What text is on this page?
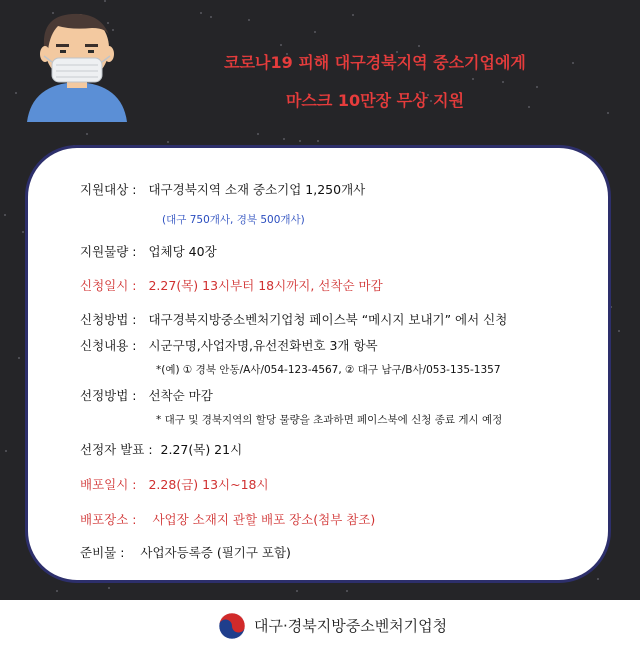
코로나19 피해 대구경북지역 중소기업에게
마스크 10만장 무상 지원
지원대상 : 대구경북지역 소재 중소기업 1,250개사
(대구 750개사, 경북 500개사)
지원물량 : 업체당 40장
신청일시 : 2.27(목) 13시부터 18시까지, 선착순 마감
신청방법 : 대구경북지방중소벤처기업청 페이스북 “메시지 보내기” 에서 신청
신청내용 : 시군구명,사업자명,유선전화번호 3개 항목
*(예) ① 경북 안동/A사/054-123-4567, ② 대구 남구/B사/053-135-1357
선정방법 : 선착순 마감
* 대구 및 경북지역의 할당 물량을 초과하면 페이스북에 신청 종료 게시 예정
선정자 발표 : 2.27(목) 21시
배포일시 : 2.28(금) 13시~18시
배포장소 : 사업장 소재지 관할 배포 장소(첨부 참조)
준비물 : 사업자등록증 (필기구 포함)
대구·경북지방중소벤처기업청
